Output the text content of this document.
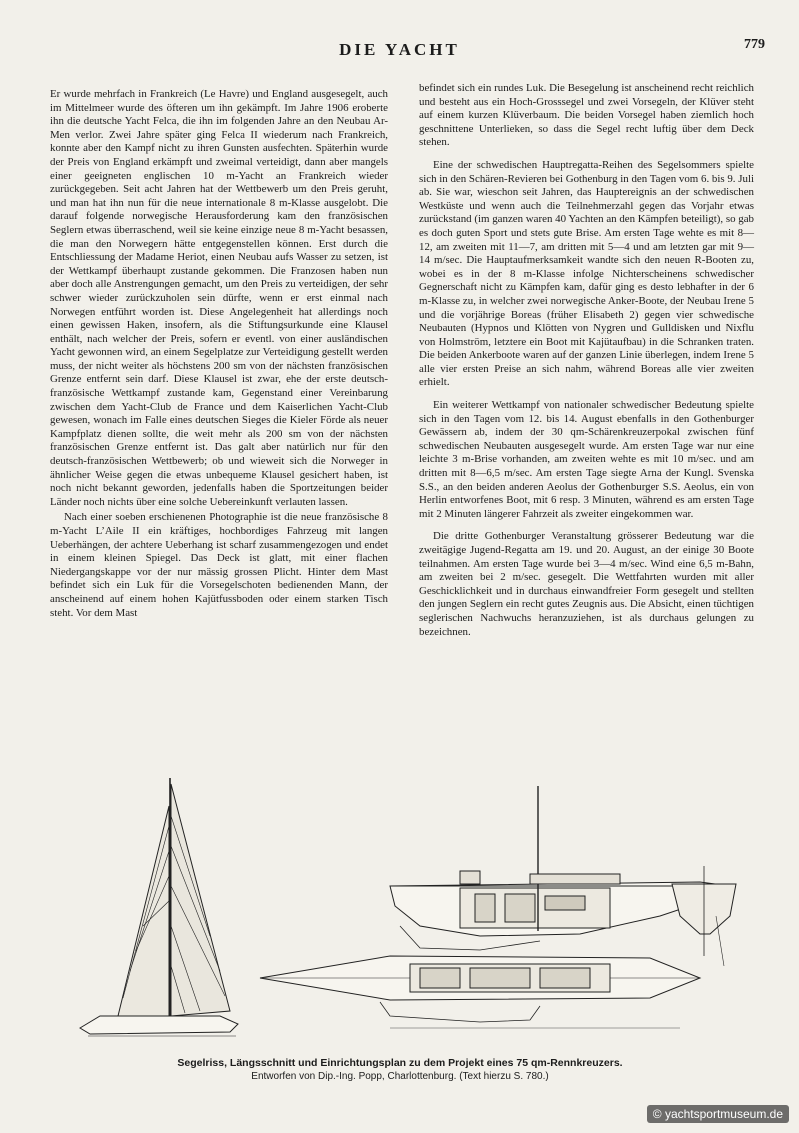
DIE YACHT	779

Er wurde mehrfach in Frankreich (Le Havre) und England ausgesegelt, auch im Mittelmeer wurde des öfteren um ihn gekämpft. Im Jahre 1906 eroberte ihn die deutsche Yacht Felca, die ihn im folgenden Jahre an den Neubau Ar-Men verlor. Zwei Jahre später ging Felca II wiederum nach Frankreich, konnte aber den Kampf nicht zu ihren Gunsten ausfechten. Späterhin wurde der Preis von England erkämpft und zweimal verteidigt, dann aber mangels einer geeigneten englischen 10 m-Yacht an Frankreich wieder zurückgegeben. Seit acht Jahren hat der Wettbewerb um den Preis geruht, und man hat ihn nun für die neue internationale 8 m-Klasse ausgelobt. Die darauf folgende norwegische Herausforderung kam den französischen Seglern etwas überraschend, weil sie keine einzige neue 8 m-Yacht besassen, die man den Norwegern hätte entgegenstellen können. Erst durch die Entschliessung der Madame Heriot, einen Neubau aufs Wasser zu setzen, ist der Wettkampf überhaupt zustande gekommen. Die Franzosen haben nun aber doch alle Anstrengungen gemacht, um den Preis zu verteidigen, der sehr schwer wieder zurückzuholen sein dürfte, wenn er erst einmal nach Norwegen entführt worden ist. Diese Angelegenheit hat allerdings noch einen gewissen Haken, insofern, als die Stiftungsurkunde eine Klausel enthält, nach welcher der Preis, sofern er eventl. von einer ausländischen Yacht gewonnen wird, an einem Segelplatze zur Verteidigung gestellt werden muss, der nicht weiter als höchstens 200 sm von der nächsten französischen Grenze entfernt sein darf. Diese Klausel ist zwar, ehe der erste deutsch-französische Wettkampf zustande kam, Gegenstand einer Vereinbarung zwischen dem Yacht-Club de France und dem Kaiserlichen Yacht-Club gewesen, wonach im Falle eines deutschen Sieges die Kieler Förde als neuer Kampfplatz dienen sollte, die weit mehr als 200 sm von der nächsten französischen Grenze entfernt ist. Das galt aber natürlich nur für den deutsch-französischen Wettbewerb; ob und wieweit sich die Norweger in ähnlicher Weise gegen die etwas unbequeme Klausel gesichert haben, ist noch nicht bekannt geworden, jedenfalls haben die Sportzeitungen beider Länder noch nichts über eine solche Uebereinkunft verlauten lassen.

Nach einer soeben erschienenen Photographie ist die neue französische 8 m-Yacht L’Aile II ein kräftiges, hochbordiges Fahrzeug mit langen Ueberhängen, der achtere Ueberhang ist scharf zusammengezogen und endet in einem kleinen Spiegel. Das Deck ist glatt, mit einer flachen Niedergangskappe vor der nur mässig grossen Plicht. Hinter dem Mast befindet sich ein Luk für die Vorsegelschoten bedienenden Mann, der anscheinend auf einem hohen Kajütfussboden oder einem starken Tisch steht. Vor dem Mast

befindet sich ein rundes Luk. Die Besegelung ist anscheinend recht reichlich und besteht aus ein Hoch-Grosssegel und zwei Vorsegeln, der Klüver steht auf einem kurzen Klüverbaum. Die beiden Vorsegel haben ziemlich hoch geschnittene Unterlieken, so dass die Segel recht luftig über dem Deck stehen.

Eine der schwedischen Hauptregatta-Reihen des Segelsommers spielte sich in den Schären-Revieren bei Gothenburg in den Tagen vom 6. bis 9. Juli ab. Sie war, wieschon seit Jahren, das Hauptereignis an der schwedischen Westküste und wenn auch die Teilnehmerzahl gegen das Vorjahr etwas zurückstand (im ganzen waren 40 Yachten an den Kämpfen beteiligt), so gab es doch guten Sport und stets gute Brise. Am ersten Tage wehte es mit 8—12, am zweiten mit 11—7, am dritten mit 5—4 und am letzten gar mit 9—14 m/sec. Die Hauptaufmerksamkeit wandte sich den neuen R-Booten zu, wobei es in der 8 m-Klasse infolge Nichterscheinens schwedischer Gegnerschaft nicht zu Kämpfen kam, dafür ging es desto lebhafter in der 6 m-Klasse zu, in welcher zwei norwegische Anker-Boote, der Neubau Irene 5 und die vorjährige Boreas (früher Elisabeth 2) gegen vier schwedische Neubauten (Hypnos und Klötten von Nygren und Gulldisken und Nixflu von Holmström, letztere ein Boot mit Kajütaufbau) in die Schranken traten. Die beiden Ankerboote waren auf der ganzen Linie überlegen, indem Irene 5 alle vier ersten Preise an sich nahm, während Boreas alle vier zweiten erhielt.

Ein weiterer Wettkampf von nationaler schwedischer Bedeutung spielte sich in den Tagen vom 12. bis 14. August ebenfalls in den Gothenburger Gewässern ab, indem der 30 qm-Schärenkreuzerpokal zwischen fünf schwedischen Neubauten ausgesegelt wurde. Am ersten Tage war nur eine leichte 3 m-Brise vorhanden, am zweiten wehte es mit 10 m/sec. und am dritten mit 8—6,5 m/sec. Am ersten Tage siegte Arna der Kungl. Svenska S.S., an den beiden anderen Aeolus der Gothenburger S.S. Aeolus, ein von Herlin entworfenes Boot, mit 6 resp. 3 Minuten, während es am ersten Tage mit 2 Minuten längerer Fahrzeit als zweiter eingekommen war.

Die dritte Gothenburger Veranstaltung grösserer Bedeutung war die zweitägige Jugend-Regatta am 19. und 20. August, an der einige 30 Boote teilnahmen. Am ersten Tage wurde bei 3—4 m/sec. Wind eine 6,5 m-Bahn, am zweiten bei 2 m/sec. gesegelt. Die Wettfahrten wurden mit aller Geschicklichkeit und in durchaus einwandfreier Form gesegelt und stellten den jungen Seglern ein recht gutes Zeugnis aus. Die Absicht, einen tüchtigen seglerischen Nachwuchs heranzuziehen, ist als durchaus gelungen zu bezeichnen.

Segelriss, Längsschnitt und Einrichtungsplan zu dem Projekt eines 75 qm-Rennkreuzers.
Entworfen von Dip.-Ing. Popp, Charlottenburg. (Text hierzu S. 780.)
© yachtsportmuseum.de
